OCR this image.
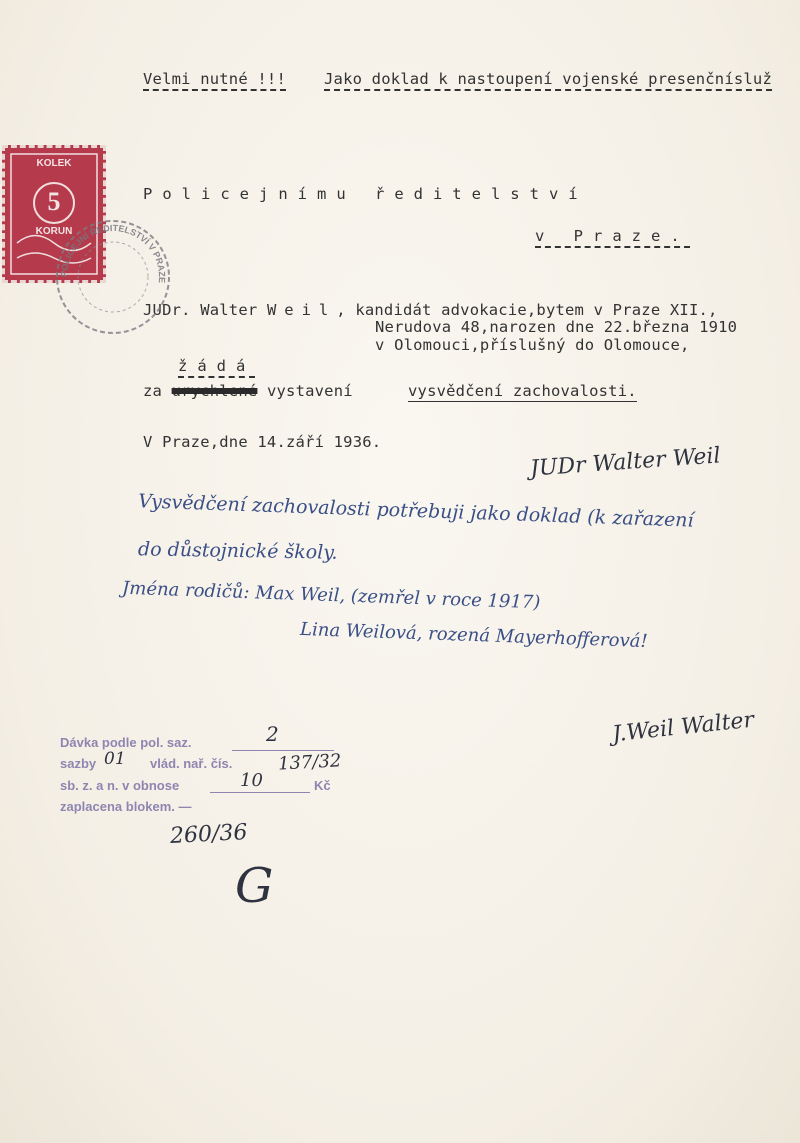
Velmi nutné !!! Jako doklad k nastoupení vojenské presenčnísluž
Policejnímu ředitelství
v Praze.
JUDr. Walter Weil, kandidát advokacie,bytem v Praze XII.,
Nerudova 48,narozen dne 22.března 1910
v Olomouci,příslušný do Olomouce,
žádá
za urychlené vystavení	vysvědčení zachovalosti.
V Praze,dne 14.září 1936.
JUDr Walter Weil
Vysvědčení zachovalosti potřebuji jako doklad (k zařazení
do důstojnické školy.
Jména rodičů: Max Weil, (zemřel v roce 1917)
Lina Weilová, rozená Mayerhofferová!
J.Weil Walter
Dávka podle pol. saz.	2
sazby 01 vlád. nař. čís.	137/32
sb. z. a n. v obnose	10	Kč
zaplacena blokem. —
260/36
G
KOLEK
5
KORUN
POLICEJNÍ ŘEDITELSTVÍ V PRAZE
